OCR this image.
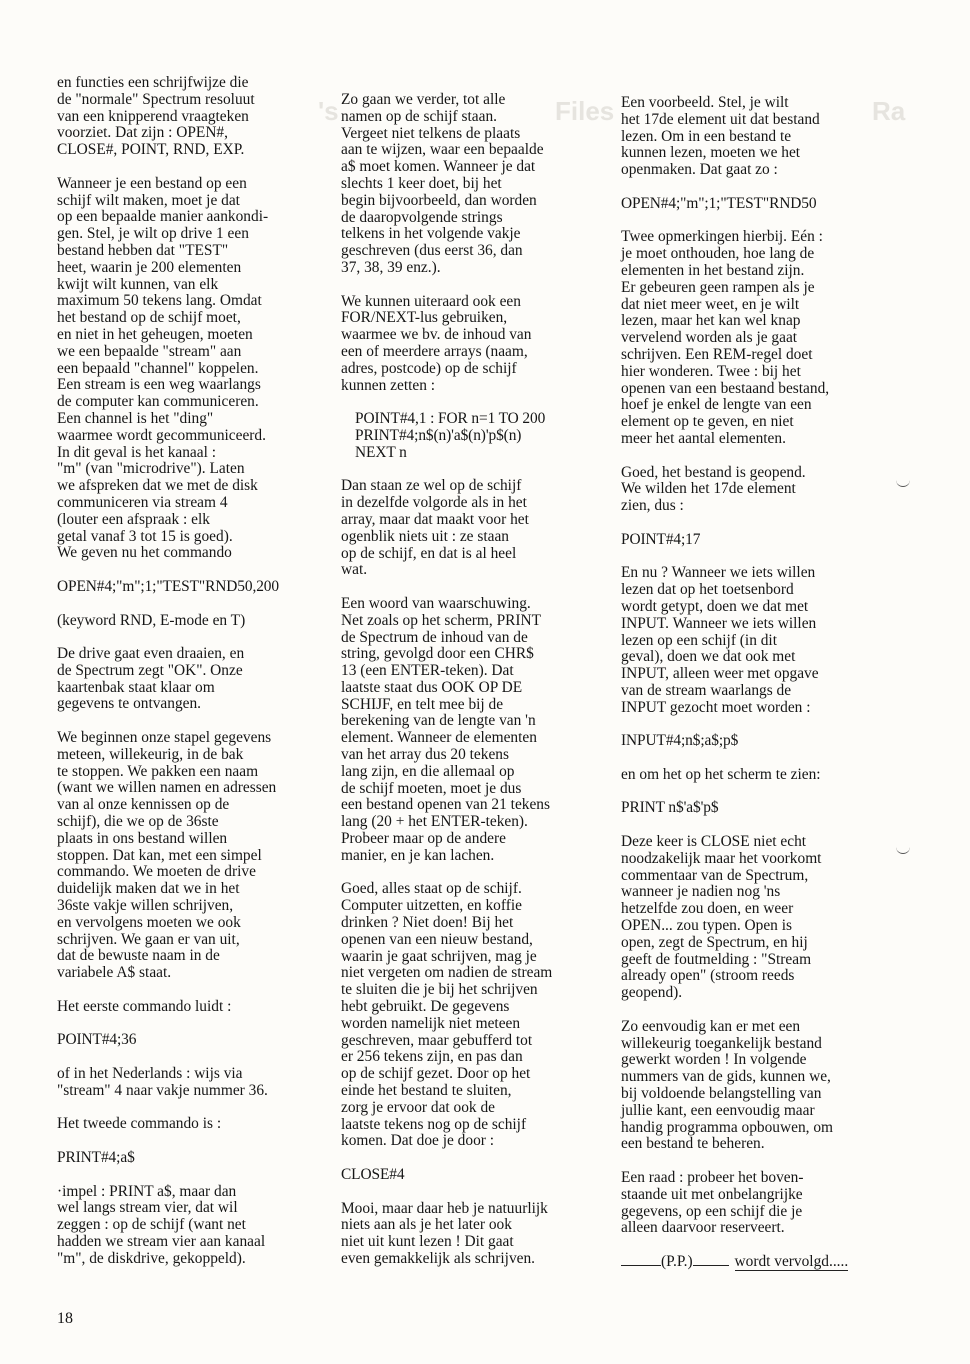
's	Files	Ra

en functies een schrijfwijze die

de "normale" Spectrum resoluut

van een knipperend vraagteken

voorziet. Dat zijn : OPEN#,

CLOSE#, POINT, RND, EXP.

Wanneer je een bestand op een

schijf wilt maken, moet je dat

op een bepaalde manier aankondi-

gen. Stel, je wilt op drive 1 een

bestand hebben dat "TEST"

heet, waarin je 200 elementen

kwijt wilt kunnen, van elk

maximum 50 tekens lang. Omdat

het bestand op de schijf moet,

en niet in het geheugen, moeten

we een bepaalde "stream" aan

een bepaald "channel" koppelen.

Een stream is een weg waarlangs

de computer kan communiceren.

Een channel is het "ding"

waarmee wordt gecommuniceerd.

In dit geval is het kanaal :

"m" (van "microdrive"). Laten

we afspreken dat we met de disk

communiceren via stream 4

(louter een afspraak : elk

getal vanaf 3 tot 15 is goed).

We geven nu het commando

OPEN#4;"m";1;"TEST"RND50,200

(keyword RND, E-mode en T)

De drive gaat even draaien, en

de Spectrum zegt "OK". Onze

kaartenbak staat klaar om

gegevens te ontvangen.

We beginnen onze stapel gegevens

meteen, willekeurig, in de bak

te stoppen. We pakken een naam

(want we willen namen en adressen

van al onze kennissen op de

schijf), die we op de 36ste

plaats in ons bestand willen

stoppen. Dat kan, met een simpel

commando. We moeten de drive

duidelijk maken dat we in het

36ste vakje willen schrijven,

en vervolgens moeten we ook

schrijven. We gaan er van uit,

dat de bewuste naam in de

variabele A$ staat.

Het eerste commando luidt :

POINT#4;36

of in het Nederlands : wijs via

"stream" 4 naar vakje nummer 36.

Het tweede commando is :

PRINT#4;a$

·impel : PRINT a$, maar dan

wel langs stream vier, dat wil

zeggen : op de schijf (want net

hadden we stream vier aan kanaal

"m", de diskdrive, gekoppeld).

Zo gaan we verder, tot alle

namen op de schijf staan.

Vergeet niet telkens de plaats

aan te wijzen, waar een bepaalde

a$ moet komen. Wanneer je dat

slechts 1 keer doet, bij het

begin bijvoorbeeld, dan worden

de daaropvolgende strings

telkens in het volgende vakje

geschreven (dus eerst 36, dan

37, 38, 39 enz.).

We kunnen uiteraard ook een

FOR/NEXT-lus gebruiken,

waarmee we bv. de inhoud van

een of meerdere arrays (naam,

adres, postcode) op de schijf

kunnen zetten :

POINT#4,1 : FOR n=1 TO 200

PRINT#4;n$(n)'a$(n)'p$(n)

NEXT n

Dan staan ze wel op de schijf

in dezelfde volgorde als in het

array, maar dat maakt voor het

ogenblik niets uit : ze staan

op de schijf, en dat is al heel

wat.

Een woord van waarschuwing.

Net zoals op het scherm, PRINT

de Spectrum de inhoud van de

string, gevolgd door een CHR$

13 (een ENTER-teken). Dat

laatste staat dus OOK OP DE

SCHIJF, en telt mee bij de

berekening van de lengte van 'n

element. Wanneer de elementen

van het array dus 20 tekens

lang zijn, en die allemaal op

de schijf moeten, moet je dus

een bestand openen van 21 tekens

lang (20 + het ENTER-teken).

Probeer maar op de andere

manier, en je kan lachen.

Goed, alles staat op de schijf.

Computer uitzetten, en koffie

drinken ? Niet doen! Bij het

openen van een nieuw bestand,

waarin je gaat schrijven, mag je

niet vergeten om nadien de stream

te sluiten die je bij het schrijven

hebt gebruikt. De gegevens

worden namelijk niet meteen

geschreven, maar gebufferd tot

er 256 tekens zijn, en pas dan

op de schijf gezet. Door op het

einde het bestand te sluiten,

zorg je ervoor dat ook de

laatste tekens nog op de schijf

komen. Dat doe je door :

CLOSE#4

Mooi, maar daar heb je natuurlijk

niets aan als je het later ook

niet uit kunt lezen ! Dit gaat

even gemakkelijk als schrijven.

Een voorbeeld. Stel, je wilt

het 17de element uit dat bestand

lezen. Om in een bestand te

kunnen lezen, moeten we het

openmaken. Dat gaat zo :

OPEN#4;"m";1;"TEST"RND50

Twee opmerkingen hierbij. Eén :

je moet onthouden, hoe lang de

elementen in het bestand zijn.

Er gebeuren geen rampen als je

dat niet meer weet, en je wilt

lezen, maar het kan wel knap

vervelend worden als je gaat

schrijven. Een REM-regel doet

hier wonderen. Twee : bij het

openen van een bestaand bestand,

hoef je enkel de lengte van een

element op te geven, en niet

meer het aantal elementen.

Goed, het bestand is geopend.

We wilden het 17de element

zien, dus :

POINT#4;17

En nu ? Wanneer we iets willen

lezen dat op het toetsenbord

wordt getypt, doen we dat met

INPUT. Wanneer we iets willen

lezen op een schijf (in dit

geval), doen we dat ook met

INPUT, alleen weer met opgave

van de stream waarlangs de

INPUT gezocht moet worden :

INPUT#4;n$;a$;p$

en om het op het scherm te zien:

PRINT n$'a$'p$

Deze keer is CLOSE niet echt

noodzakelijk maar het voorkomt

commentaar van de Spectrum,

wanneer je nadien nog 'ns

hetzelfde zou doen, en weer

OPEN... zou typen. Open is

open, zegt de Spectrum, en hij

geeft de foutmelding : "Stream

already open" (stroom reeds

geopend).

Zo eenvoudig kan er met een

willekeurig toegankelijk bestand

gewerkt worden ! In volgende

nummers van de gids, kunnen we,

bij voldoende belangstelling van

jullie kant, een eenvoudig maar

handig programma opbouwen, om

een bestand te beheren.

Een raad : probeer het boven-

staande uit met onbelangrijke

gegevens, op een schijf die je

alleen daarvoor reserveert.

(P.P.)	wordt vervolgd.....
18
